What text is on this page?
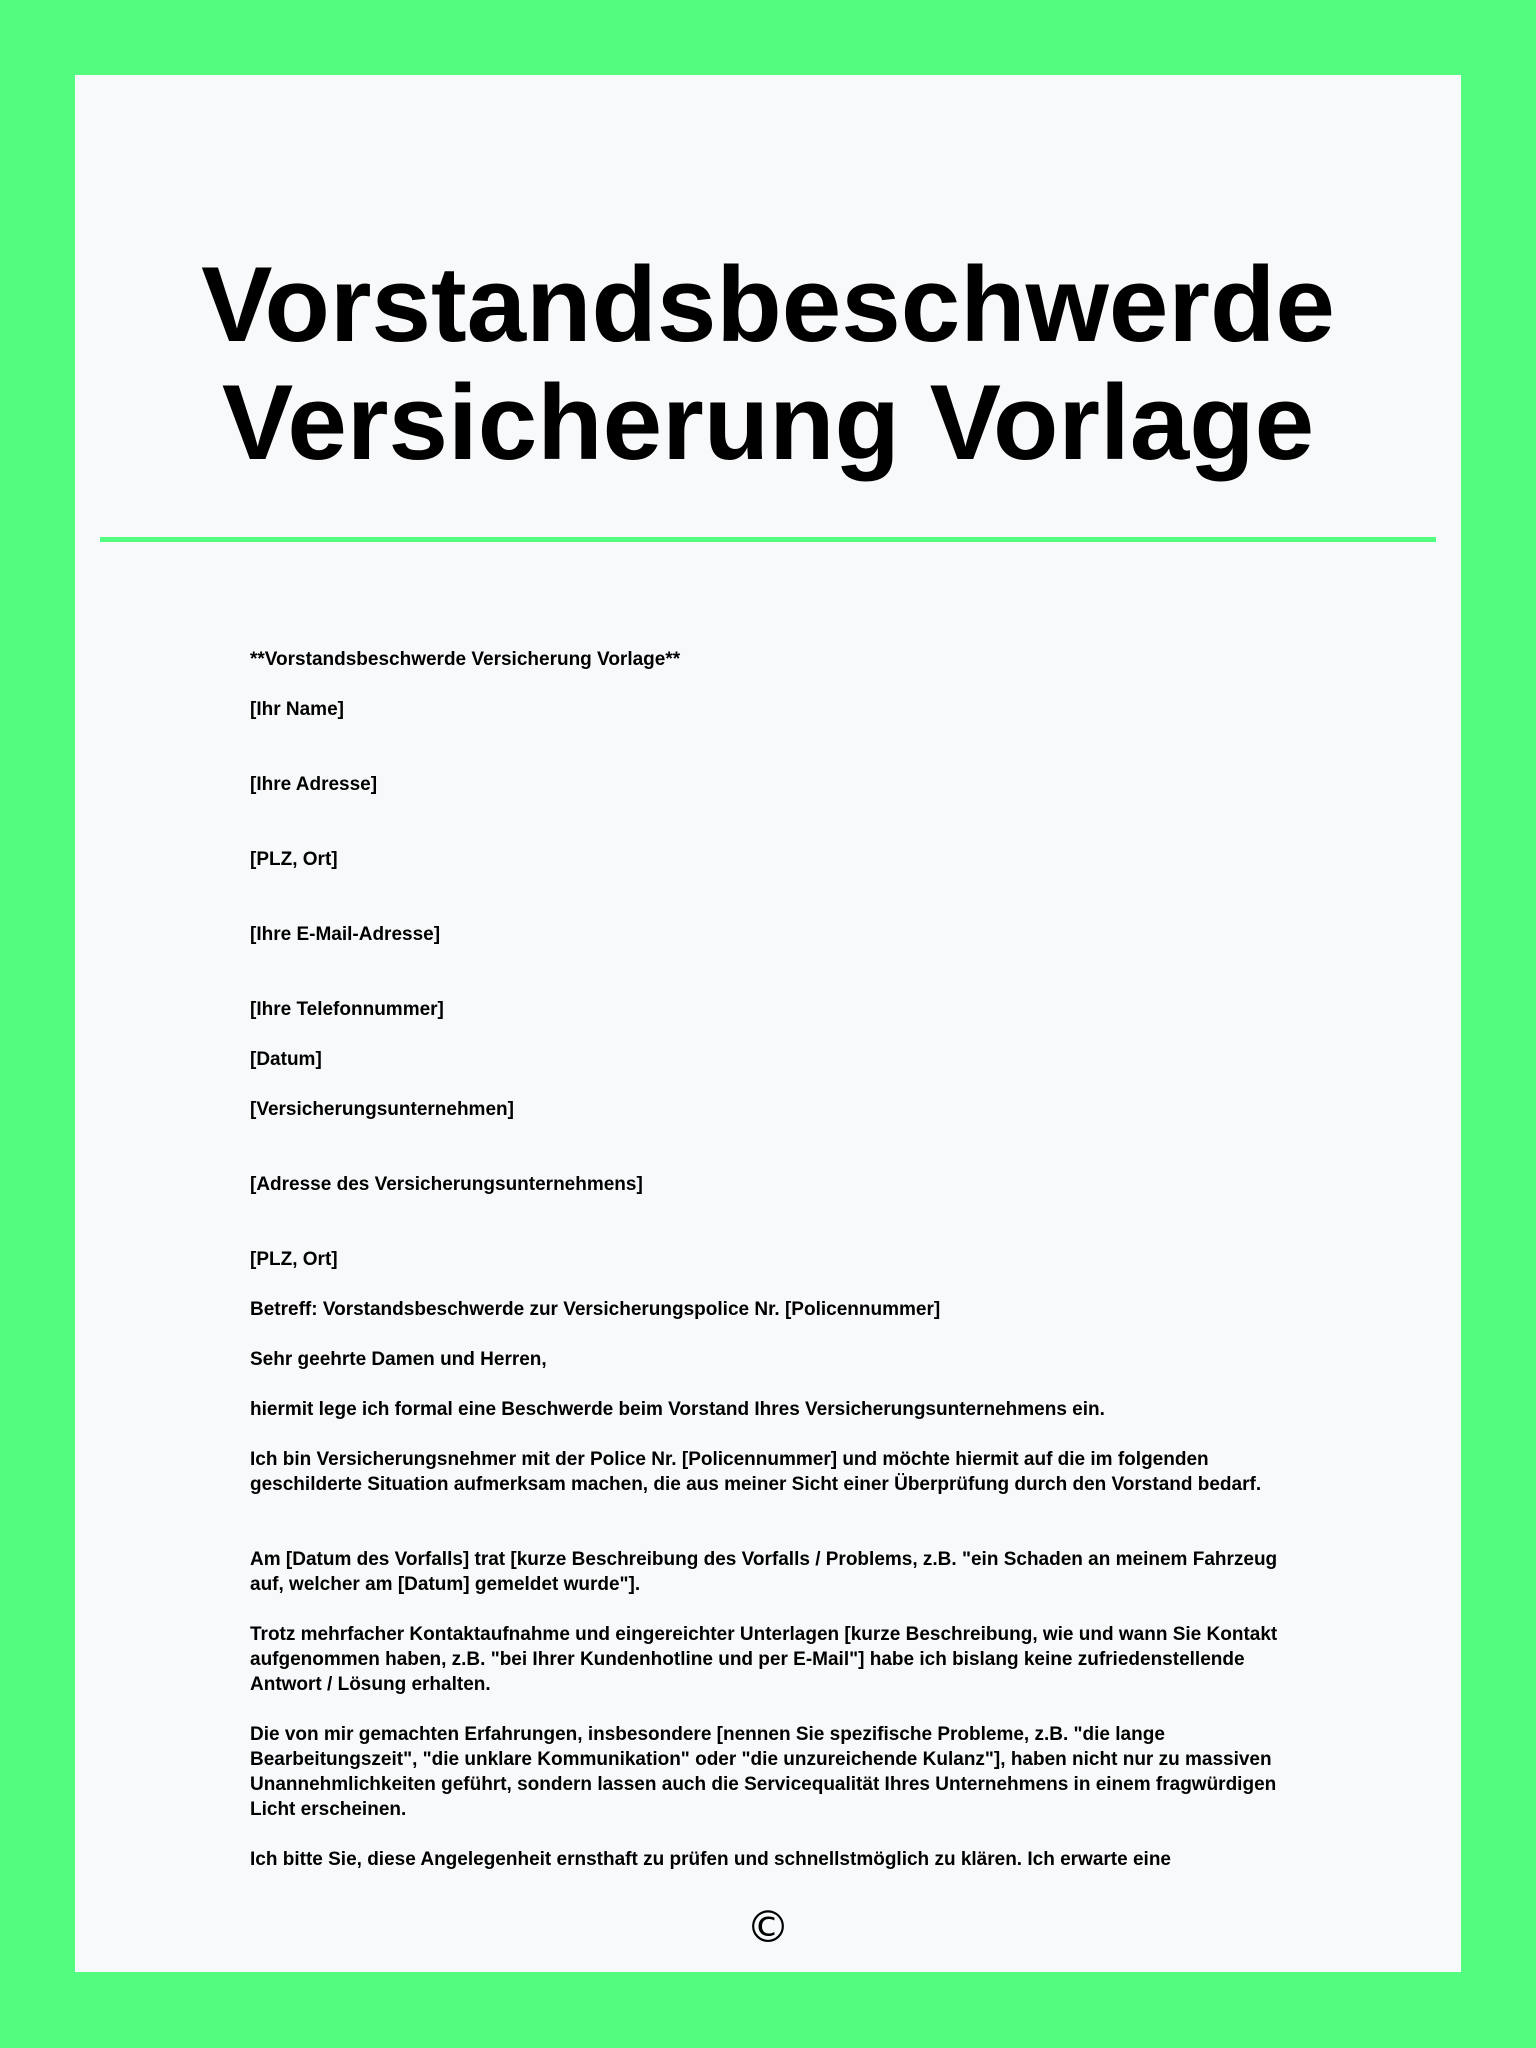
Vorstandsbeschwerde
Versicherung Vorlage

**Vorstandsbeschwerde Versicherung Vorlage**

[Ihr Name]

[Ihre Adresse]

[PLZ, Ort]

[Ihre E-Mail-Adresse]

[Ihre Telefonnummer]

[Datum]

[Versicherungsunternehmen]

[Adresse des Versicherungsunternehmens]

[PLZ, Ort]

Betreff: Vorstandsbeschwerde zur Versicherungspolice Nr. [Policennummer]

Sehr geehrte Damen und Herren,

hiermit lege ich formal eine Beschwerde beim Vorstand Ihres Versicherungsunternehmens ein.

Ich bin Versicherungsnehmer mit der Police Nr. [Policennummer] und möchte hiermit auf die im folgenden geschilderte Situation aufmerksam machen, die aus meiner Sicht einer Überprüfung durch den Vorstand bedarf.

Am [Datum des Vorfalls] trat [kurze Beschreibung des Vorfalls / Problems, z.B. "ein Schaden an meinem Fahrzeug auf, welcher am [Datum] gemeldet wurde"].

Trotz mehrfacher Kontaktaufnahme und eingereichter Unterlagen [kurze Beschreibung, wie und wann Sie Kontakt aufgenommen haben, z.B. "bei Ihrer Kundenhotline und per E-Mail"] habe ich bislang keine zufriedenstellende Antwort / Lösung erhalten.

Die von mir gemachten Erfahrungen, insbesondere [nennen Sie spezifische Probleme, z.B. "die lange Bearbeitungszeit", "die unklare Kommunikation" oder "die unzureichende Kulanz"], haben nicht nur zu massiven Unannehmlichkeiten geführt, sondern lassen auch die Servicequalität Ihres Unternehmens in einem fragwürdigen Licht erscheinen.

Ich bitte Sie, diese Angelegenheit ernsthaft zu prüfen und schnellstmöglich zu klären. Ich erwarte eine

©
